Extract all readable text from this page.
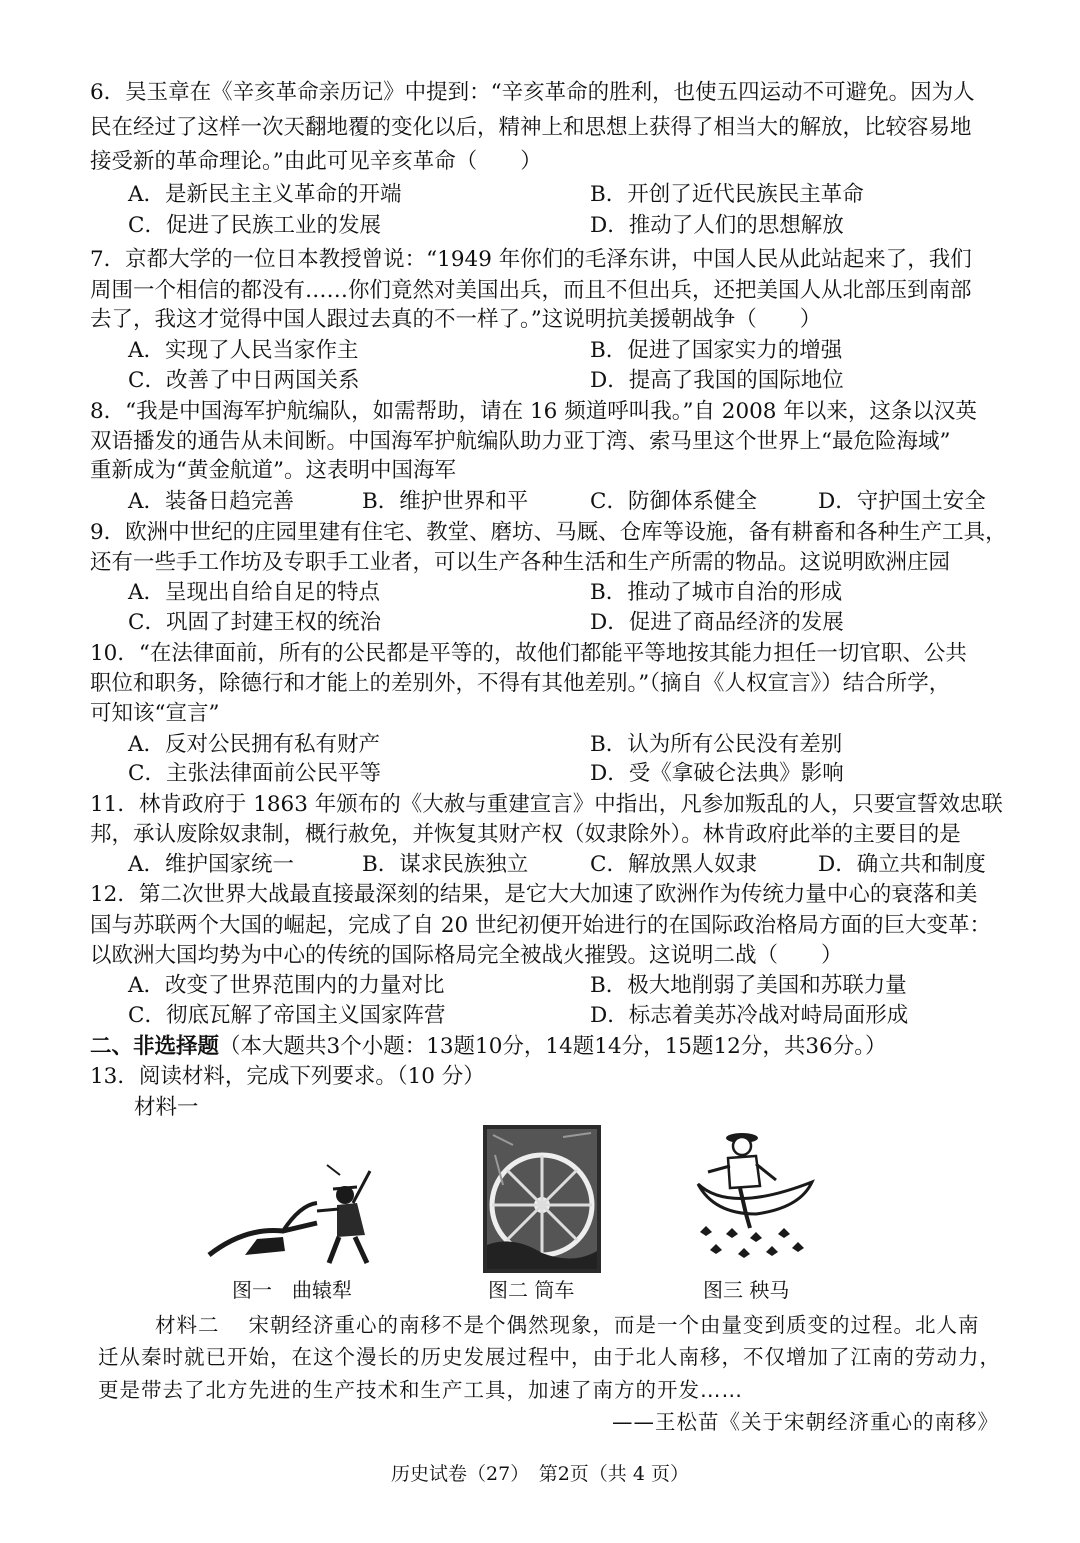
6．吴玉章在《辛亥革命亲历记》中提到：“辛亥革命的胜利，也使五四运动不可避免。因为人
民在经过了这样一次天翻地覆的变化以后，精神上和思想上获得了相当大的解放，比较容易地
接受新的革命理论。”由此可见辛亥革命（　　）
A．是新民主主义革命的开端	B．开创了近代民族民主革命
C．促进了民族工业的发展	D．推动了人们的思想解放
7．京都大学的一位日本教授曾说：“1949 年你们的毛泽东讲，中国人民从此站起来了，我们
周围一个相信的都没有……你们竟然对美国出兵，而且不但出兵，还把美国人从北部压到南部
去了，我这才觉得中国人跟过去真的不一样了。”这说明抗美援朝战争（　　）
A．实现了人民当家作主	B．促进了国家实力的增强
C．改善了中日两国关系	D．提高了我国的国际地位
8．“我是中国海军护航编队，如需帮助，请在 16 频道呼叫我。”自 2008 年以来，这条以汉英
双语播发的通告从未间断。中国海军护航编队助力亚丁湾、索马里这个世界上“最危险海域”
重新成为“黄金航道”。这表明中国海军
A．装备日趋完善	B．维护世界和平	C．防御体系健全	D．守护国土安全
9．欧洲中世纪的庄园里建有住宅、教堂、磨坊、马厩、仓库等设施，备有耕畜和各种生产工具，
还有一些手工作坊及专职手工业者，可以生产各种生活和生产所需的物品。这说明欧洲庄园
A．呈现出自给自足的特点	B．推动了城市自治的形成
C．巩固了封建王权的统治	D．促进了商品经济的发展
10．“在法律面前，所有的公民都是平等的，故他们都能平等地按其能力担任一切官职、公共
职位和职务，除德行和才能上的差别外，不得有其他差别。”（摘自《人权宣言》）结合所学，
可知该“宣言”
A．反对公民拥有私有财产	B．认为所有公民没有差别
C．主张法律面前公民平等	D．受《拿破仑法典》影响
11．林肯政府于 1863 年颁布的《大赦与重建宣言》中指出，凡参加叛乱的人，只要宣誓效忠联
邦，承认废除奴隶制，概行赦免，并恢复其财产权（奴隶除外）。林肯政府此举的主要目的是
A．维护国家统一	B．谋求民族独立	C．解放黑人奴隶	D．确立共和制度
12．第二次世界大战最直接最深刻的结果，是它大大加速了欧洲作为传统力量中心的衰落和美
国与苏联两个大国的崛起，完成了自 20 世纪初便开始进行的在国际政治格局方面的巨大变革：
以欧洲大国均势为中心的传统的国际格局完全被战火摧毁。这说明二战（　　）
A．改变了世界范围内的力量对比	B．极大地削弱了美国和苏联力量
C．彻底瓦解了帝国主义国家阵营	D．标志着美苏冷战对峙局面形成
二、非选择题（本大题共3个小题：13题10分，14题14分，15题12分，共36分。）
13．阅读材料，完成下列要求。（10 分）
材料一
图一　曲辕犁	图二 筒车	图三 秧马
材料二　 宋朝经济重心的南移不是个偶然现象，而是一个由量变到质变的过程。北人南
迁从秦时就已开始，在这个漫长的历史发展过程中，由于北人南移，不仅增加了江南的劳动力，
更是带去了北方先进的生产技术和生产工具，加速了南方的开发……
——王松苗《关于宋朝经济重心的南移》
历史试卷（27）　第2页（共 4 页）
